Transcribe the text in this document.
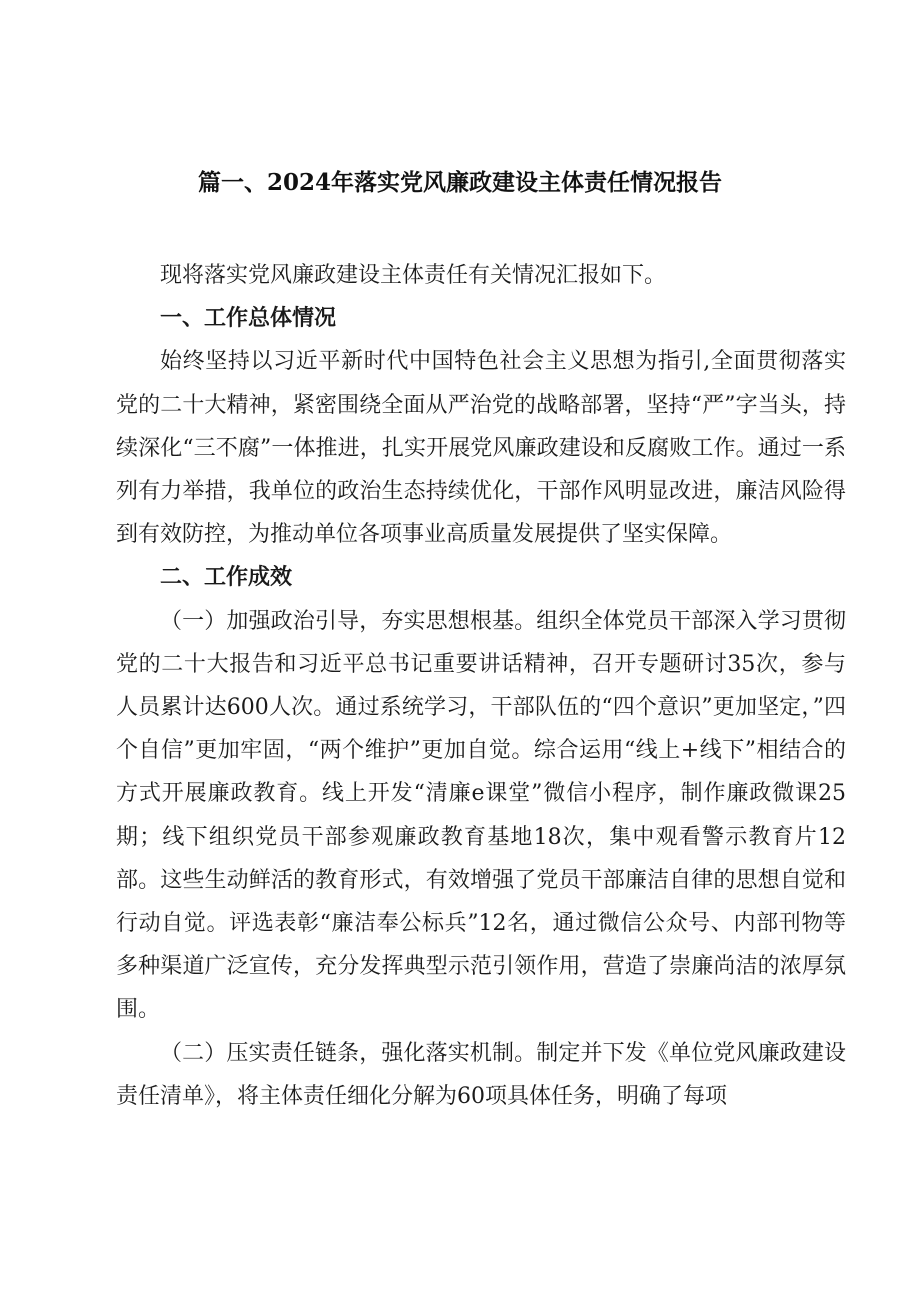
篇一、2024年落实党风廉政建设主体责任情况报告

现将落实党风廉政建设主体责任有关情况汇报如下。

一、工作总体情况

始终坚持以习近平新时代中国特色社会主义思想为指引,全面贯彻落实党的二十大精神，紧密围绕全面从严治党的战略部署，坚持“严”字当头，持续深化“三不腐”一体推进，扎实开展党风廉政建设和反腐败工作。通过一系列有力举措，我单位的政治生态持续优化，干部作风明显改进，廉洁风险得到有效防控，为推动单位各项事业高质量发展提供了坚实保障。

二、工作成效

（一）加强政治引导，夯实思想根基。组织全体党员干部深入学习贯彻党的二十大报告和习近平总书记重要讲话精神，召开专题研讨35次，参与人员累计达600人次。通过系统学习，干部队伍的“四个意识”更加坚定，”四个自信”更加牢固，“两个维护”更加自觉。综合运用“线上+线下”相结合的方式开展廉政教育。线上开发“清廉e课堂”微信小程序，制作廉政微课25期；线下组织党员干部参观廉政教育基地18次，集中观看警示教育片12部。这些生动鲜活的教育形式，有效增强了党员干部廉洁自律的思想自觉和行动自觉。评选表彰“廉洁奉公标兵”12名，通过微信公众号、内部刊物等多种渠道广泛宣传，充分发挥典型示范引领作用，营造了崇廉尚洁的浓厚氛围。

（二）压实责任链条，强化落实机制。制定并下发《单位党风廉政建设责任清单》，将主体责任细化分解为60项具体任务，明确了每项
